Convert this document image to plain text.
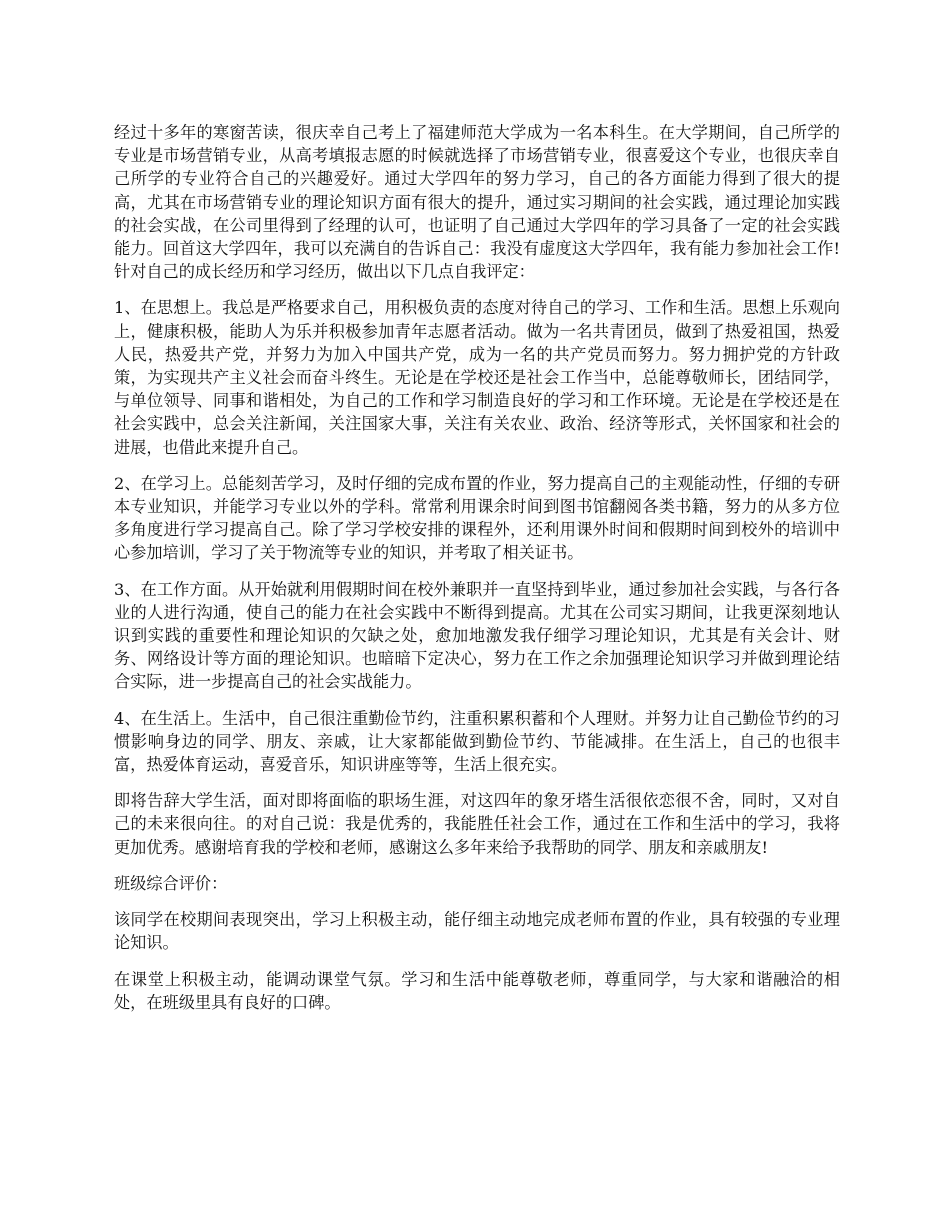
经过十多年的寒窗苦读，很庆幸自己考上了福建师范大学成为一名本科生。在大学期间，自己所学的专业是市场营销专业，从高考填报志愿的时候就选择了市场营销专业，很喜爱这个专业，也很庆幸自己所学的专业符合自己的兴趣爱好。通过大学四年的努力学习，自己的各方面能力得到了很大的提高，尤其在市场营销专业的理论知识方面有很大的提升，通过实习期间的社会实践，通过理论加实践的社会实战，在公司里得到了经理的认可，也证明了自己通过大学四年的学习具备了一定的社会实践能力。回首这大学四年，我可以充满自的告诉自己：我没有虚度这大学四年，我有能力参加社会工作!针对自己的成长经历和学习经历，做出以下几点自我评定：

1、在思想上。我总是严格要求自己，用积极负责的态度对待自己的学习、工作和生活。思想上乐观向上，健康积极，能助人为乐并积极参加青年志愿者活动。做为一名共青团员，做到了热爱祖国，热爱人民，热爱共产党，并努力为加入中国共产党，成为一名的共产党员而努力。努力拥护党的方针政策，为实现共产主义社会而奋斗终生。无论是在学校还是社会工作当中，总能尊敬师长，团结同学，与单位领导、同事和谐相处，为自己的工作和学习制造良好的学习和工作环境。无论是在学校还是在社会实践中，总会关注新闻，关注国家大事，关注有关农业、政治、经济等形式，关怀国家和社会的进展，也借此来提升自己。

2、在学习上。总能刻苦学习，及时仔细的完成布置的作业，努力提高自己的主观能动性，仔细的专研本专业知识，并能学习专业以外的学科。常常利用课余时间到图书馆翻阅各类书籍，努力的从多方位多角度进行学习提高自己。除了学习学校安排的课程外，还利用课外时间和假期时间到校外的培训中心参加培训，学习了关于物流等专业的知识，并考取了相关证书。

3、在工作方面。从开始就利用假期时间在校外兼职并一直坚持到毕业，通过参加社会实践，与各行各业的人进行沟通，使自己的能力在社会实践中不断得到提高。尤其在公司实习期间，让我更深刻地认识到实践的重要性和理论知识的欠缺之处，愈加地激发我仔细学习理论知识，尤其是有关会计、财务、网络设计等方面的理论知识。也暗暗下定决心，努力在工作之余加强理论知识学习并做到理论结合实际，进一步提高自己的社会实战能力。

4、在生活上。生活中，自己很注重勤俭节约，注重积累积蓄和个人理财。并努力让自己勤俭节约的习惯影响身边的同学、朋友、亲戚，让大家都能做到勤俭节约、节能减排。在生活上，自己的也很丰富，热爱体育运动，喜爱音乐，知识讲座等等，生活上很充实。

即将告辞大学生活，面对即将面临的职场生涯，对这四年的象牙塔生活很依恋很不舍，同时，又对自己的未来很向往。的对自己说：我是优秀的，我能胜任社会工作，通过在工作和生活中的学习，我将更加优秀。感谢培育我的学校和老师，感谢这么多年来给予我帮助的同学、朋友和亲戚朋友!

班级综合评价：

该同学在校期间表现突出，学习上积极主动，能仔细主动地完成老师布置的作业，具有较强的专业理论知识。

在课堂上积极主动，能调动课堂气氛。学习和生活中能尊敬老师，尊重同学，与大家和谐融洽的相处，在班级里具有良好的口碑。
